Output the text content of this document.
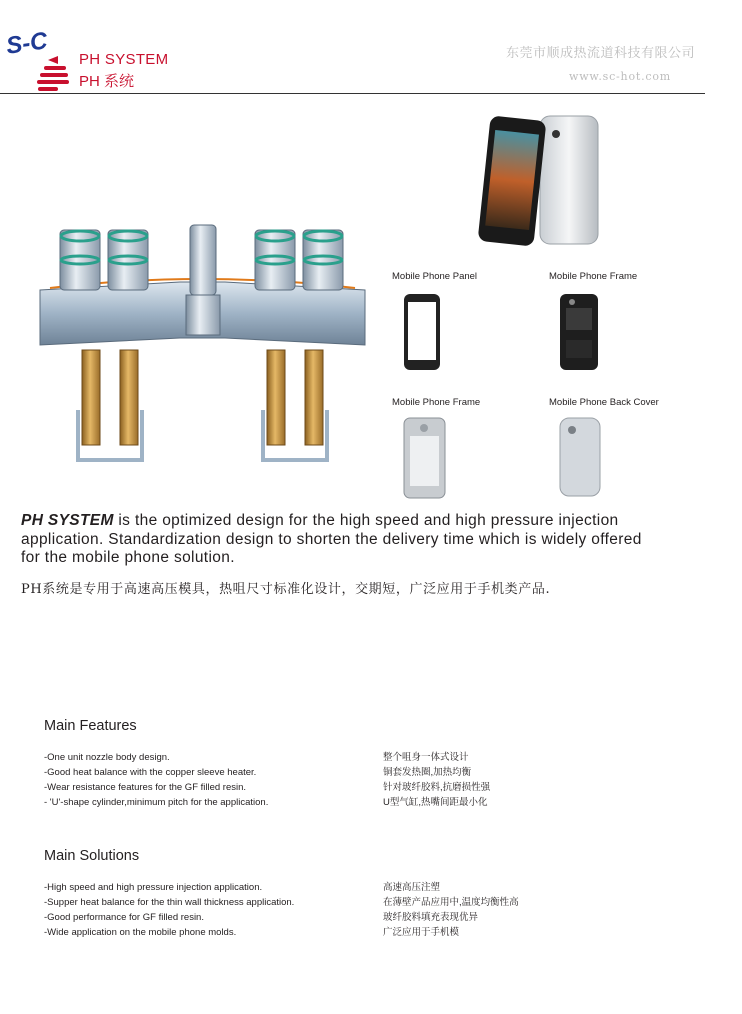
S-C PH SYSTEM
PH 系统
东莞市顺成热流道科技有限公司
www.sc-hot.com
Mobile Phone Panel	Mobile Phone Frame
Mobile Phone Frame	Mobile Phone Back Cover
PH SYSTEM is the optimized design for the high speed and high pressure injection application. Standardization design to shorten the delivery time which is widely offered for the mobile phone solution.
PH系统是专用于高速高压模具，热咀尺寸标准化设计，交期短，广泛应用于手机类产品.
Main Features
-One unit nozzle body design.
-Good heat balance with the copper sleeve heater.
-Wear resistance features for the GF filled resin.
- 'U'-shape cylinder,minimum pitch for the application.
整个咀身一体式设计
铜套发热圈,加热均衡
针对玻纤胶料,抗磨损性强
U型气缸,热嘴间距最小化
Main Solutions
-High speed and high pressure injection application.
-Supper heat balance for the thin wall thickness application.
-Good performance for GF filled resin.
-Wide application on the mobile phone molds.
高速高压注塑
在薄壁产品应用中,温度均衡性高
玻纤胶料填充表现优异
广泛应用于手机模
